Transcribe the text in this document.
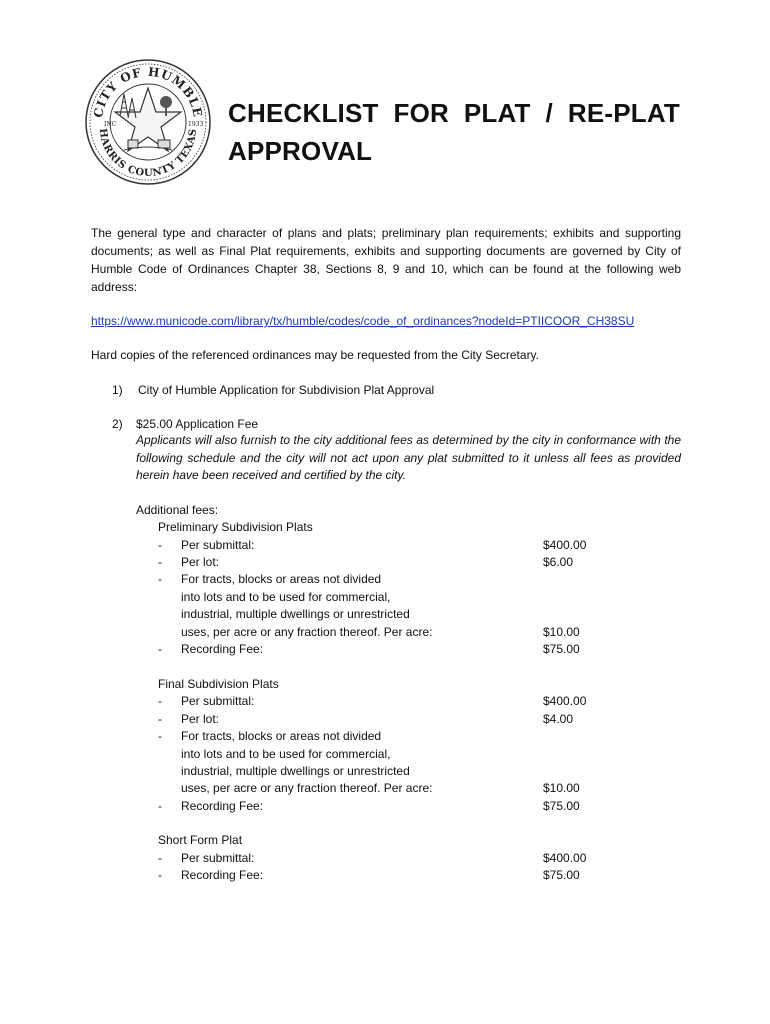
CITY OF HUMBLE
HARRIS COUNTY TEXAS
INC	1933 CHECKLIST FOR PLAT / RE-PLAT
APPROVAL

The general type and character of plans and plats; preliminary plan requirements; exhibits and supporting documents; as well as Final Plat requirements, exhibits and supporting documents are governed by City of Humble Code of Ordinances Chapter 38, Sections 8, 9 and 10, which can be found at the following web address:

https://www.municode.com/library/tx/humble/codes/code_of_ordinances?nodeId=PTIICOOR_CH38SU

Hard copies of the referenced ordinances may be requested from the City Secretary.

1) City of Humble Application for Subdivision Plat Approval
2) $25.00 Application Fee

Applicants will also furnish to the city additional fees as determined by the city in conformance with the following schedule and the city will not act upon any plat submitted to it unless all fees as provided herein have been received and certified by the city.

Additional fees:
Preliminary Subdivision Plats
- Per submittal:	$400.00
- Per lot:	$6.00
- For tracts, blocks or areas not divided
into lots and to be used for commercial,
industrial, multiple dwellings or unrestricted
uses, per acre or any fraction thereof. Per acre:	$10.00
- Recording Fee:	$75.00
Final Subdivision Plats
- Per submittal:	$400.00
- Per lot:	$4.00
- For tracts, blocks or areas not divided
into lots and to be used for commercial,
industrial, multiple dwellings or unrestricted
uses, per acre or any fraction thereof. Per acre:	$10.00
- Recording Fee:	$75.00
Short Form Plat
- Per submittal:	$400.00
- Recording Fee:	$75.00
